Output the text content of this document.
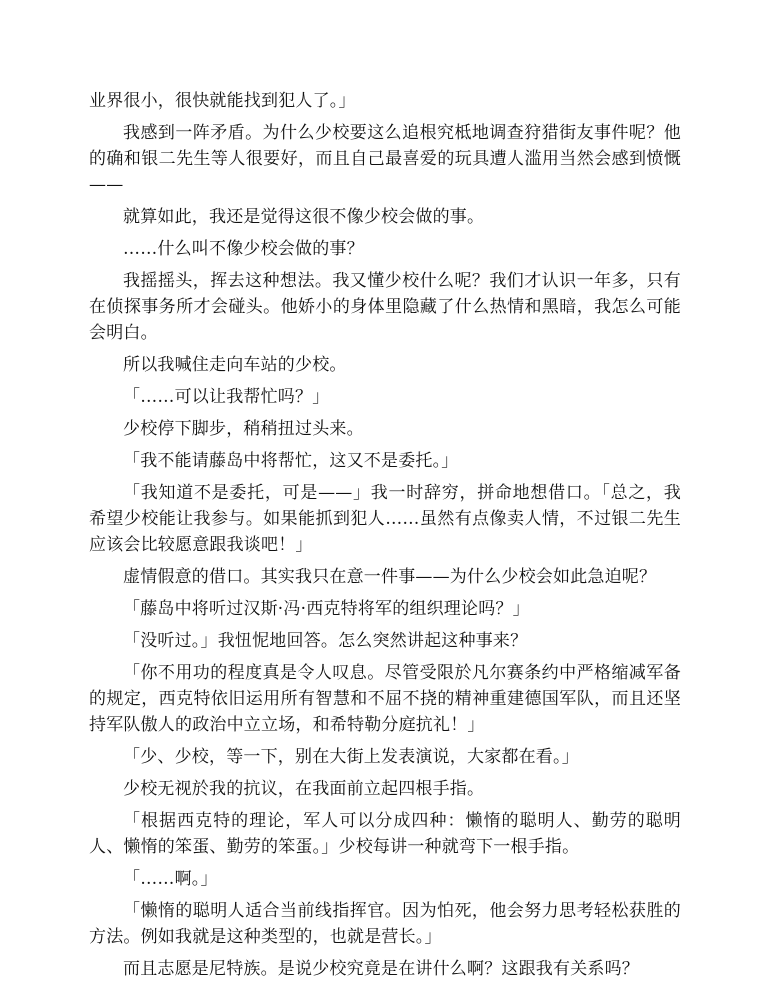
业界很小，很快就能找到犯人了。」

我感到一阵矛盾。为什么少校要这么追根究柢地调查狩猎街友事件呢？他的确和银二先生等人很要好，而且自己最喜爱的玩具遭人滥用当然会感到愤慨——

就算如此，我还是觉得这很不像少校会做的事。

……什么叫不像少校会做的事？

我摇摇头，挥去这种想法。我又懂少校什么呢？我们才认识一年多，只有在侦探事务所才会碰头。他娇小的身体里隐藏了什么热情和黑暗，我怎么可能会明白。

所以我喊住走向车站的少校。

「……可以让我帮忙吗？」

少校停下脚步，稍稍扭过头来。

「我不能请藤岛中将帮忙，这又不是委托。」

「我知道不是委托，可是——」我一时辞穷，拼命地想借口。「总之，我希望少校能让我参与。如果能抓到犯人……虽然有点像卖人情，不过银二先生应该会比较愿意跟我谈吧！」

虚情假意的借口。其实我只在意一件事——为什么少校会如此急迫呢？

「藤岛中将听过汉斯·冯·西克特将军的组织理论吗？」

「没听过。」我忸怩地回答。怎么突然讲起这种事来？

「你不用功的程度真是令人叹息。尽管受限於凡尔赛条约中严格缩减军备的规定，西克特依旧运用所有智慧和不屈不挠的精神重建德国军队，而且还坚持军队傲人的政治中立立场，和希特勒分庭抗礼！」

「少、少校，等一下，别在大街上发表演说，大家都在看。」

少校无视於我的抗议，在我面前立起四根手指。

「根据西克特的理论，军人可以分成四种：懒惰的聪明人、勤劳的聪明人、懒惰的笨蛋、勤劳的笨蛋。」少校每讲一种就弯下一根手指。

「……啊。」

「懒惰的聪明人适合当前线指挥官。因为怕死，他会努力思考轻松获胜的方法。例如我就是这种类型的，也就是营长。」

而且志愿是尼特族。是说少校究竟是在讲什么啊？这跟我有关系吗？
